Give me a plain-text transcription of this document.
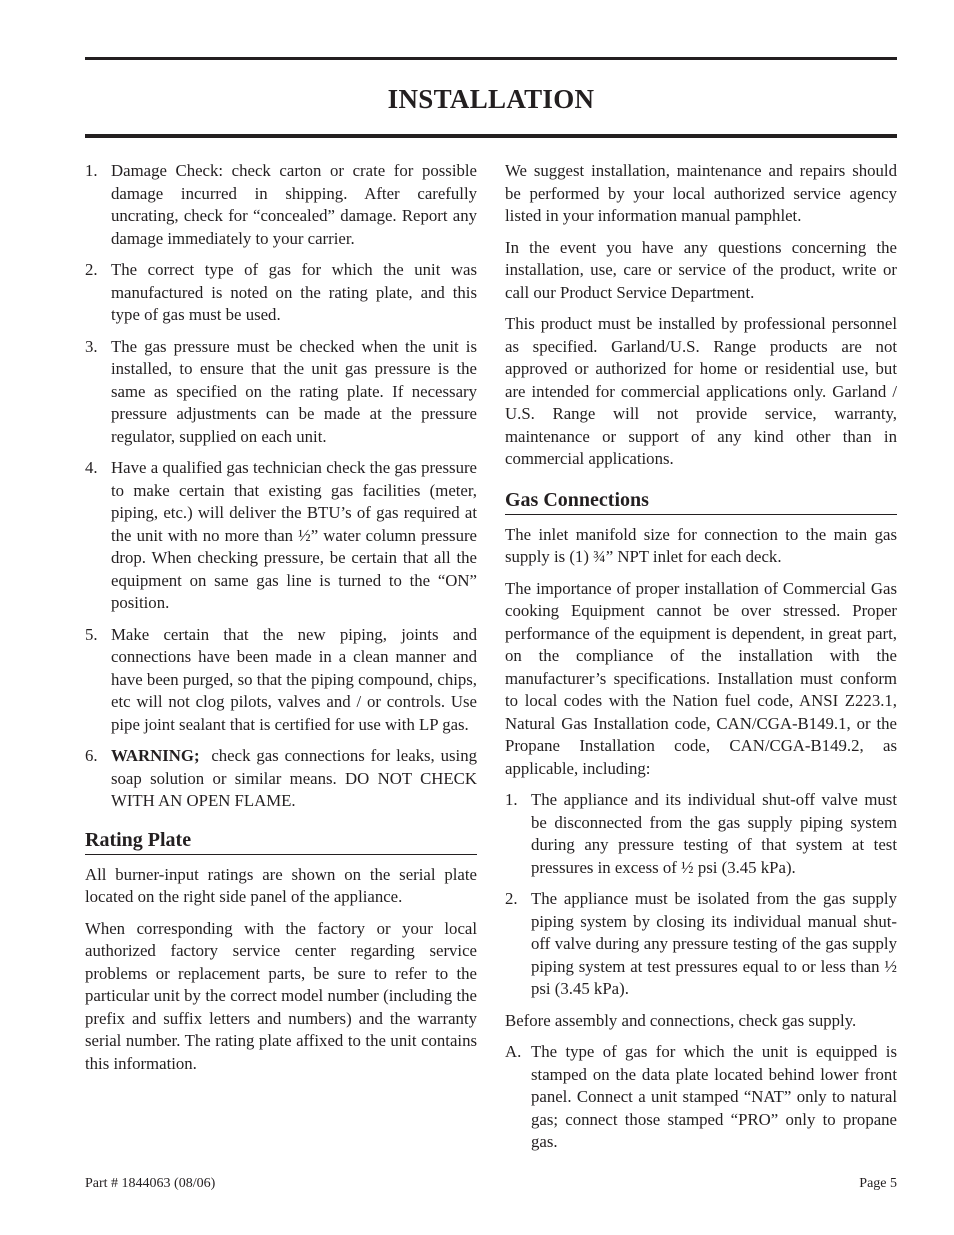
INSTALLATION
1. Damage Check: check carton or crate for possible damage incurred in shipping. After carefully uncrating, check for “concealed” damage. Report any damage immediately to your carrier.
2. The correct type of gas for which the unit was manufactured is noted on the rating plate, and this type of gas must be used.
3. The gas pressure must be checked when the unit is installed, to ensure that the unit gas pressure is the same as specified on the rating plate. If necessary pressure adjustments can be made at the pressure regulator, supplied on each unit.
4. Have a qualified gas technician check the gas pressure to make certain that existing gas facilities (meter, piping, etc.) will deliver the BTU’s of gas required at the unit with no more than ½” water column pressure drop. When checking pressure, be certain that all the equipment on same gas line is turned to the “ON” position.
5. Make certain that the new piping, joints and connections have been made in a clean manner and have been purged, so that the piping compound, chips, etc will not clog pilots, valves and / or controls. Use pipe joint sealant that is certified for use with LP gas.
6. WARNING;  check gas connections for leaks, using soap solution or similar means. DO NOT CHECK WITH AN OPEN FLAME.
Rating Plate

All burner-input ratings are shown on the serial plate located on the right side panel of the appliance.

When corresponding with the factory or your local authorized factory service center regarding service problems or replacement parts, be sure to refer to the particular unit by the correct model number (including the prefix and suffix letters and numbers) and the warranty serial number. The rating plate affixed to the unit contains this information.

We suggest installation, maintenance and repairs should be performed by your local authorized service agency listed in your information manual pamphlet.

In the event you have any questions concerning the installation, use, care or service of the product, write or call our Product Service Department.

This product must be installed by professional personnel as specified. Garland/U.S. Range products are not approved or authorized for home or residential use, but are intended for commercial applications only. Garland / U.S. Range will not provide service, warranty, maintenance or support of any kind other than in commercial applications.

Gas Connections

The inlet manifold size for connection to the main gas supply is (1) ¾” NPT inlet for each deck.

The importance of proper installation of Commercial Gas cooking Equipment cannot be over stressed. Proper performance of the equipment is dependent, in great part, on the compliance of the installation with the manufacturer’s specifications. Installation must conform to local codes with the Nation fuel code, ANSI Z223.1, Natural Gas Installation code, CAN/CGA-B149.1, or the Propane Installation code, CAN/CGA-B149.2, as applicable, including:

1. The appliance and its individual shut-off valve must be disconnected from the gas supply piping system during any pressure testing of that system at test pressures in excess of ½ psi (3.45 kPa).
2. The appliance must be isolated from the gas supply piping system by closing its individual manual shut-off valve during any pressure testing of the gas supply piping system at test pressures equal to or less than ½ psi (3.45 kPa).

Before assembly and connections, check gas supply.

A. The type of gas for which the unit is equipped is stamped on the data plate located behind lower front panel. Connect a unit stamped “NAT” only to natural gas; connect those stamped “PRO” only to propane gas.
Part # 1844063 (08/06)	Page 5
